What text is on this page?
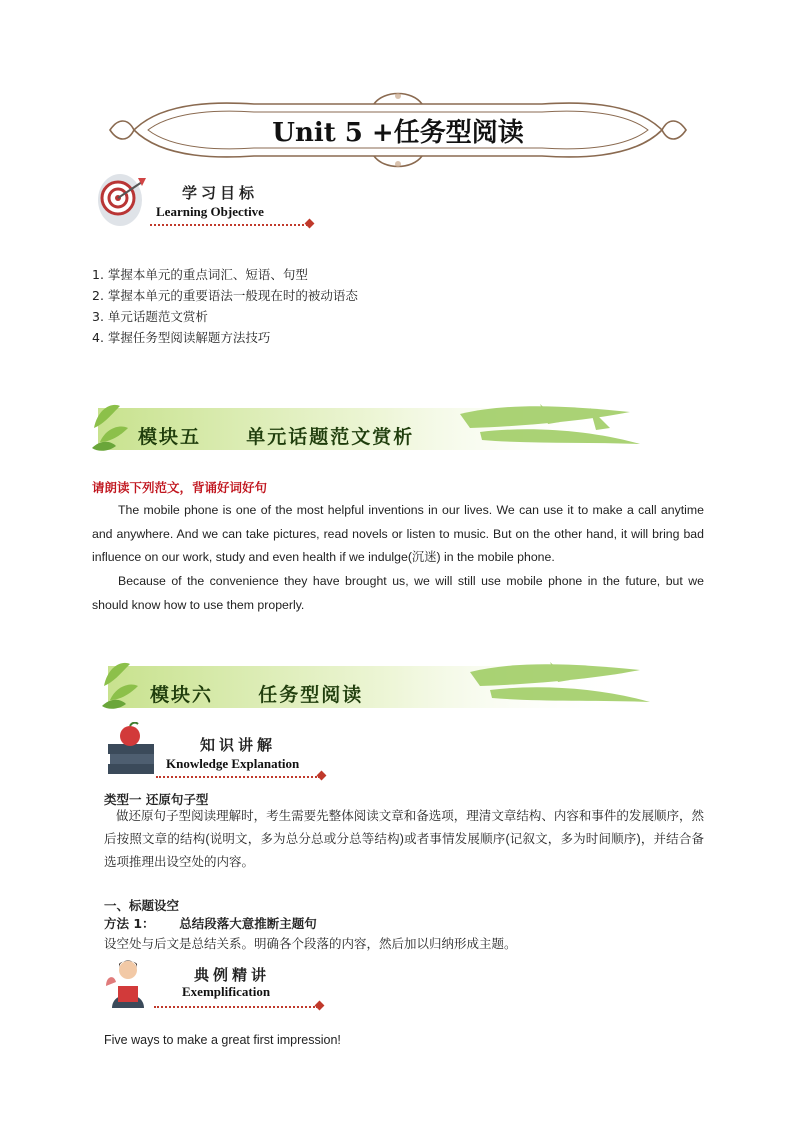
Unit 5 +任务型阅读
学习目标
Learning Objective
1. 掌握本单元的重点词汇、短语、句型
2. 掌握本单元的重要语法一般现在时的被动语态
3. 单元话题范文赏析
4. 掌握任务型阅读解题方法技巧
模块五 单元话题范文赏析
请朗读下列范文，背诵好词好句
The mobile phone is one of the most helpful inventions in our lives. We can use it to make a call anytime and anywhere. And we can take pictures, read novels or listen to music. But on the other hand, it will bring bad influence on our work, study and even health if we indulge(沉迷) in the mobile phone.
Because of the convenience they have brought us, we will still use mobile phone in the future, but we should know how to use them properly.
模块六 任务型阅读
知识讲解
Knowledge Explanation
类型一 还原句子型
做还原句子型阅读理解时，考生需要先整体阅读文章和备选项，理清文章结构、内容和事件的发展顺序，然后按照文章的结构(说明文，多为总分总或分总等结构)或者事情发展顺序(记叙文，多为时间顺序)，并结合备选项推理出设空处的内容。
一、标题设空
方法 1： 总结段落大意推断主题句
设空处与后文是总结关系。明确各个段落的内容，然后加以归纳形成主题。
典例精讲
Exemplification
Five ways to make a great first impression!
